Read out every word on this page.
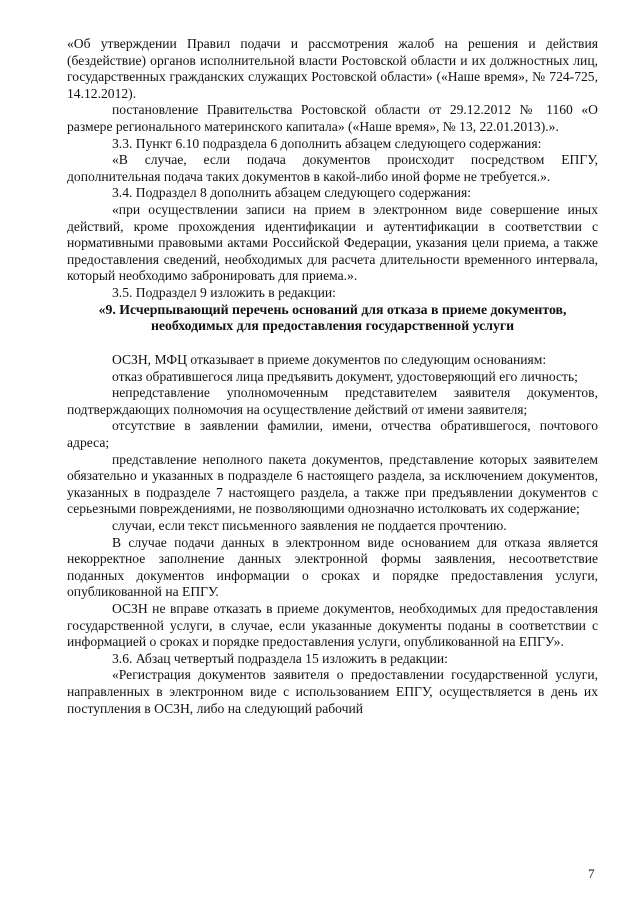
«Об утверждении Правил подачи и рассмотрения жалоб на решения и действия (бездействие) органов исполнительной власти Ростовской области и их должностных лиц, государственных гражданских служащих Ростовской области» («Наше время», № 724-725, 14.12.2012).

постановление Правительства Ростовской области от 29.12.2012 № 1160 «О размере регионального материнского капитала» («Наше время», № 13, 22.01.2013).».

3.3. Пункт 6.10 подраздела 6 дополнить абзацем следующего содержания:

«В случае, если подача документов происходит посредством ЕПГУ, дополнительная подача таких документов в какой-либо иной форме не требуется.».

3.4. Подраздел 8 дополнить абзацем следующего содержания:

«при осуществлении записи на прием в электронном виде совершение иных действий, кроме прохождения идентификации и аутентификации в соответствии с нормативными правовыми актами Российской Федерации, указания цели приема, а также предоставления сведений, необходимых для расчета длительности временного интервала, который необходимо забронировать для приема.».

3.5. Подраздел 9 изложить в редакции:

«9. Исчерпывающий перечень оснований для отказа в приеме документов,
необходимых для предоставления государственной услуги

ОСЗН, МФЦ отказывает в приеме документов по следующим основаниям:

отказ обратившегося лица предъявить документ, удостоверяющий его личность;

непредставление уполномоченным представителем заявителя документов, подтверждающих полномочия на осуществление действий от имени заявителя;

отсутствие в заявлении фамилии, имени, отчества обратившегося, почтового адреса;

представление неполного пакета документов, представление которых заявителем обязательно и указанных в подразделе 6 настоящего раздела, за исключением документов, указанных в подразделе 7 настоящего раздела, а также при предъявлении документов с серьезными повреждениями, не позволяющими однозначно истолковать их содержание;

случаи, если текст письменного заявления не поддается прочтению.

В случае подачи данных в электронном виде основанием для отказа является некорректное заполнение данных электронной формы заявления, несоответствие поданных документов информации о сроках и порядке предоставления услуги, опубликованной на ЕПГУ.

ОСЗН не вправе отказать в приеме документов, необходимых для предоставления государственной услуги, в случае, если указанные документы поданы в соответствии с информацией о сроках и порядке предоставления услуги, опубликованной на ЕПГУ».

3.6. Абзац четвертый подраздела 15 изложить в редакции:

«Регистрация документов заявителя о предоставлении государственной услуги, направленных в электронном виде с использованием ЕПГУ, осуществляется в день их поступления в ОСЗН, либо на следующий рабочий

7
